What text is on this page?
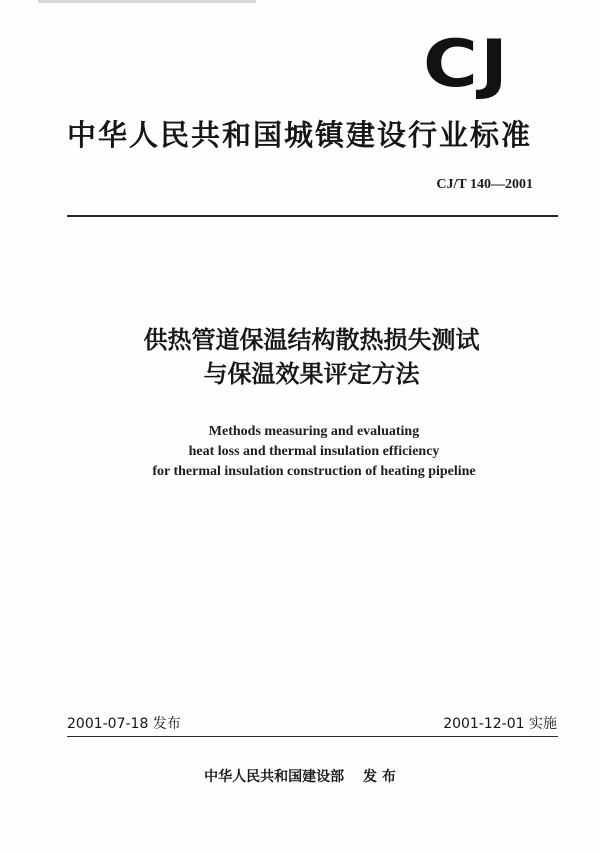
CJ
中华人民共和国城镇建设行业标准
CJ/T 140—2001
供热管道保温结构散热损失测试
与保温效果评定方法
Methods measuring and evaluating
heat loss and thermal insulation efficiency
for thermal insulation construction of heating pipeline
2001-07-18 发布	2001-12-01 实施
中华人民共和国建设部 发 布
